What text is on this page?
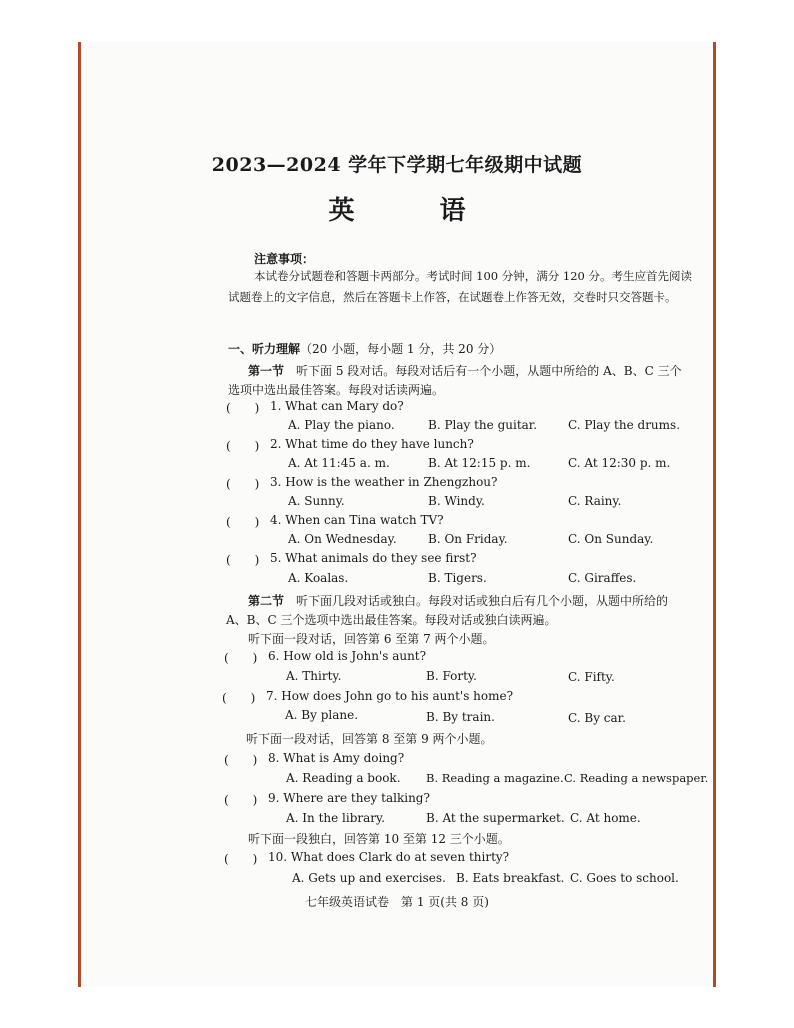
2023—2024 学年下学期七年级期中试题
英 语
注意事项：
本试卷分试题卷和答题卡两部分。考试时间 100 分钟，满分 120 分。考生应首先阅读试题卷上的文字信息，然后在答题卡上作答，在试题卷上作答无效，交卷时只交答题卡。
一、听力理解（20 小题，每小题 1 分，共 20 分）
第一节　 听下面 5 段对话。每段对话后有一个小题，从题中所给的 A、B、C 三个
选项中选出最佳答案。每段对话读两遍。
(　　) 1. What can Mary do?
A. Play the piano.	B. Play the guitar.	C. Play the drums.
(　　) 2. What time do they have lunch?
A. At 11:45 a. m.	B. At 12:15 p. m.	C. At 12:30 p. m.
(　　) 3. How is the weather in Zhengzhou?
A. Sunny.	B. Windy.	C. Rainy.
(　　) 4. When can Tina watch TV?
A. On Wednesday.	B. On Friday.	C. On Sunday.
(　　) 5. What animals do they see first?
A. Koalas.	B. Tigers.	C. Giraffes.
第二节　 听下面几段对话或独白。每段对话或独白后有几个小题，从题中所给的
A、B、C 三个选项中选出最佳答案。每段对话或独白读两遍。
听下面一段对话，回答第 6 至第 7 两个小题。
(　　) 6. How old is John's aunt?
A. Thirty.	B. Forty.	C. Fifty.
(　　) 7. How does John go to his aunt's home?
A. By plane.	B. By train.	C. By car.
听下面一段对话，回答第 8 至第 9 两个小题。
(　　) 8. What is Amy doing?
A. Reading a book. B. Reading a magazine. C. Reading a newspaper.
(　　) 9. Where are they talking?
A. In the library.	B. At the supermarket. C. At home.
听下面一段独白，回答第 10 至第 12 三个小题。
(　　) 10. What does Clark do at seven thirty?
A. Gets up and exercises. B. Eats breakfast. C. Goes to school.
七年级英语试卷　第 1 页(共 8 页)
